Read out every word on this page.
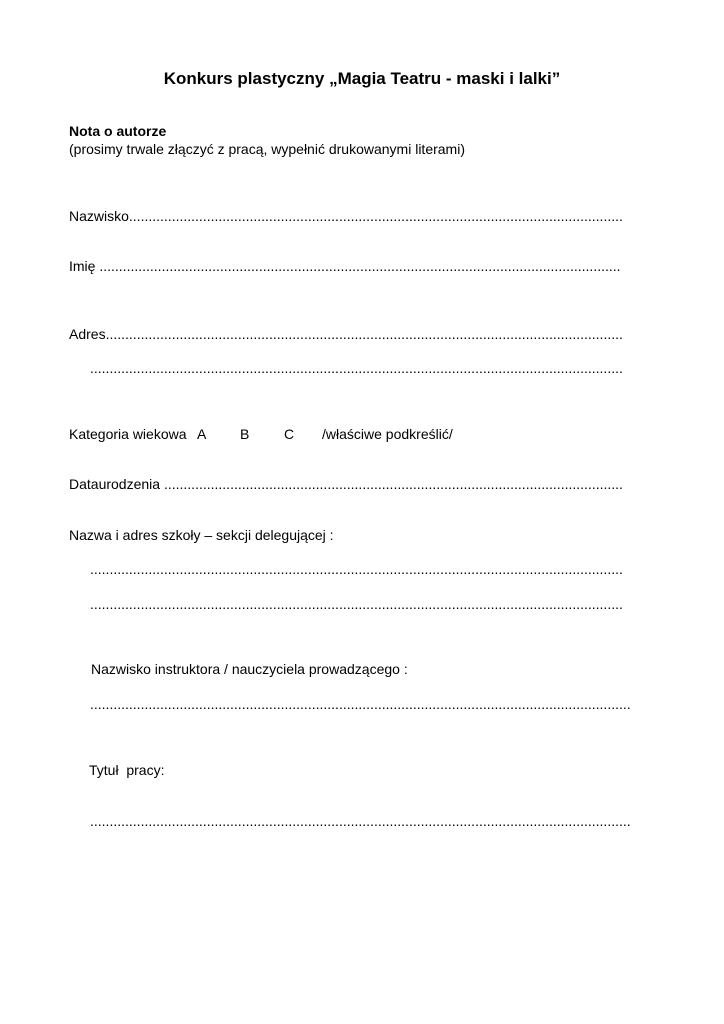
Konkurs plastyczny „Magia Teatru - maski i lalki”

Nota o autorze

(prosimy trwale złączyć z pracą, wypełnić drukowanymi literami)

Nazwisko...............................................................................................................................

Imię ......................................................................................................................................

Adres.....................................................................................................................................

.........................................................................................................................................

Kategoria wiekowa A B C /właściwe podkreślić/

Dataurodzenia ......................................................................................................................

Nazwa i adres szkoły – sekcji delegującej :

.........................................................................................................................................

.........................................................................................................................................

Nazwisko instruktora / nauczyciela prowadzącego :

...........................................................................................................................................

Tytuł  pracy:

...........................................................................................................................................
